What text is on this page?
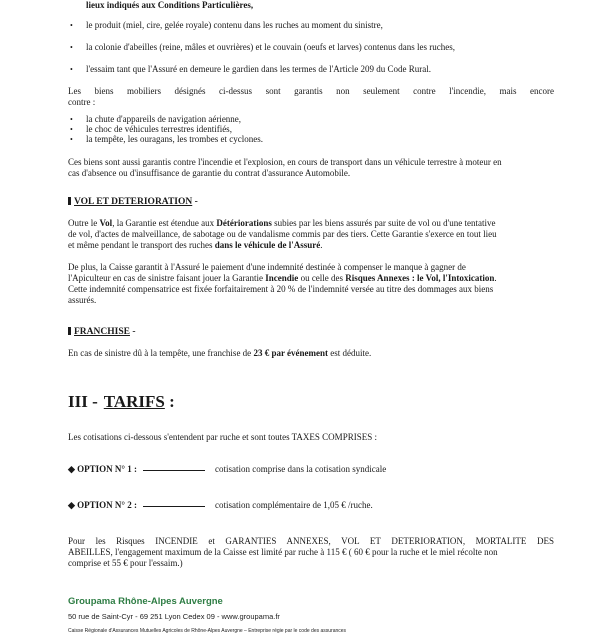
lieux indiqués aux Conditions Particulières,

• le produit (miel, cire, gelée royale) contenu dans les ruches au moment du sinistre,

• la colonie d'abeilles (reine, mâles et ouvrières) et le couvain (oeufs et larves) contenus dans les ruches,

• l'essaim tant que l'Assuré en demeure le gardien dans les termes de l'Article 209 du Code Rural.

Les biens mobiliers désignés ci-dessus sont garantis non seulement contre l'incendie, mais encore

contre :

• la chute d'appareils de navigation aérienne,

• le choc de véhicules terrestres identifiés,

• la tempête, les ouragans, les trombes et cyclones.

Ces biens sont aussi garantis contre l'incendie et l'explosion, en cours de transport dans un véhicule terrestre à moteur en

cas d'absence ou d'insuffisance de garantie du contrat d'assurance Automobile.

VOL ET DETERIORATION -

Outre le Vol, la Garantie est étendue aux Détériorations subies par les biens assurés par suite de vol ou d'une tentative

de vol, d'actes de malveillance, de sabotage ou de vandalisme commis par des tiers. Cette Garantie s'exerce en tout lieu

et même pendant le transport des ruches dans le véhicule de l'Assuré.

De plus, la Caisse garantit à l'Assuré le paiement d'une indemnité destinée à compenser le manque à gagner de

l'Apiculteur en cas de sinistre faisant jouer la Garantie Incendie ou celle des Risques Annexes : le Vol, l'Intoxication.

Cette indemnité compensatrice est fixée forfaitairement à 20 % de l'indemnité versée au titre des dommages aux biens

assurés.

FRANCHISE -

En cas de sinistre dû à la tempête, une franchise de 23 € par événement est déduite.

III - TARIFS :

Les cotisations ci-dessous s'entendent par ruche et sont toutes TAXES COMPRISES :

◆ OPTION N° 1 :	cotisation comprise dans la cotisation syndicale

◆ OPTION N° 2 :	cotisation complémentaire de 1,05 € /ruche.

Pour les Risques INCENDIE et GARANTIES ANNEXES, VOL ET DETERIORATION, MORTALITE DES

ABEILLES, l'engagement maximum de la Caisse est limité par ruche à 115 € ( 60 € pour la ruche et le miel récolte non

comprise et 55 € pour l'essaim.)

Groupama Rhône-Alpes Auvergne
50 rue de Saint-Cyr - 69 251 Lyon Cedex 09 - www.groupama.fr
Caisse Régionale d'Assurances Mutuelles Agricoles de Rhône-Alpes Auvergne – Entreprise régie par le code des assurances
